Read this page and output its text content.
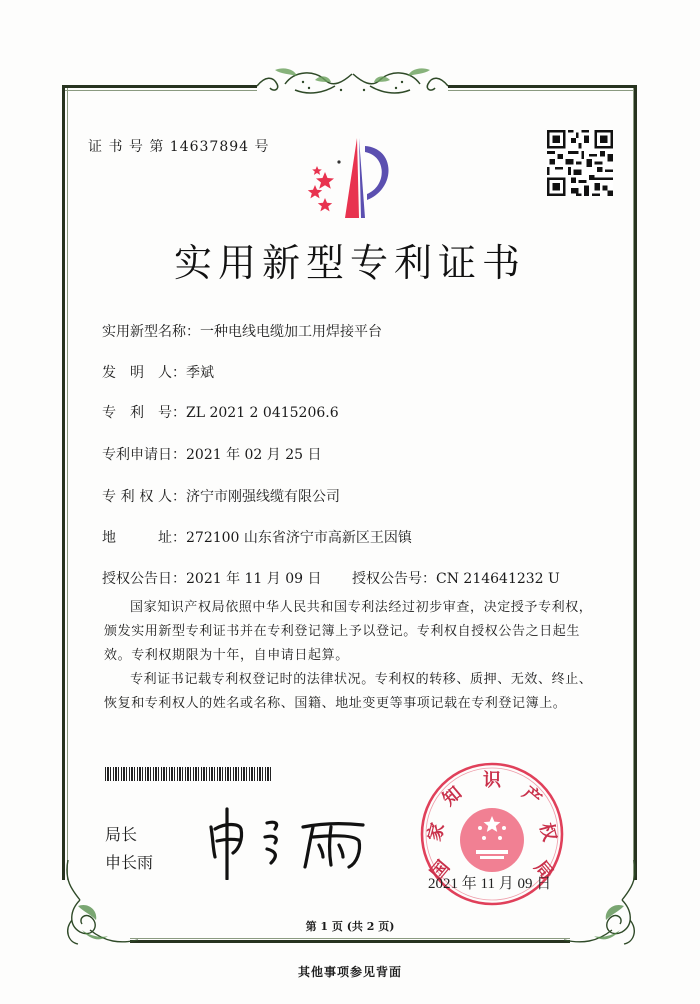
证 书 号 第 14637894 号
实用新型专利证书
实用新型名称：一种电线电缆加工用焊接平台
发 明 人 ：季斌
专 利 号 ：ZL 2021 2 0415206.6
专利申请日：2021 年 02 月 25 日
专 利 权 人 ：济宁市刚强线缆有限公司
地	址 ：272100 山东省济宁市高新区王因镇
授权公告日：2021 年 11 月 09 日 授权公告号：CN 214641232 U
国家知识产权局依照中华人民共和国专利法经过初步审查，决定授予专利权，颁发实用新型专利证书并在专利登记簿上予以登记。专利权自授权公告之日起生效。专利权期限为十年，自申请日起算。
专利证书记载专利权登记时的法律状况。专利权的转移、质押、无效、终止、恢复和专利权人的姓名或名称、国籍、地址变更等事项记载在专利登记簿上。
局长
申长雨	国
家
知
识
产
权
局
2021 年 11 月 09 日
第 1 页 (共 2 页)
其他事项参见背面
